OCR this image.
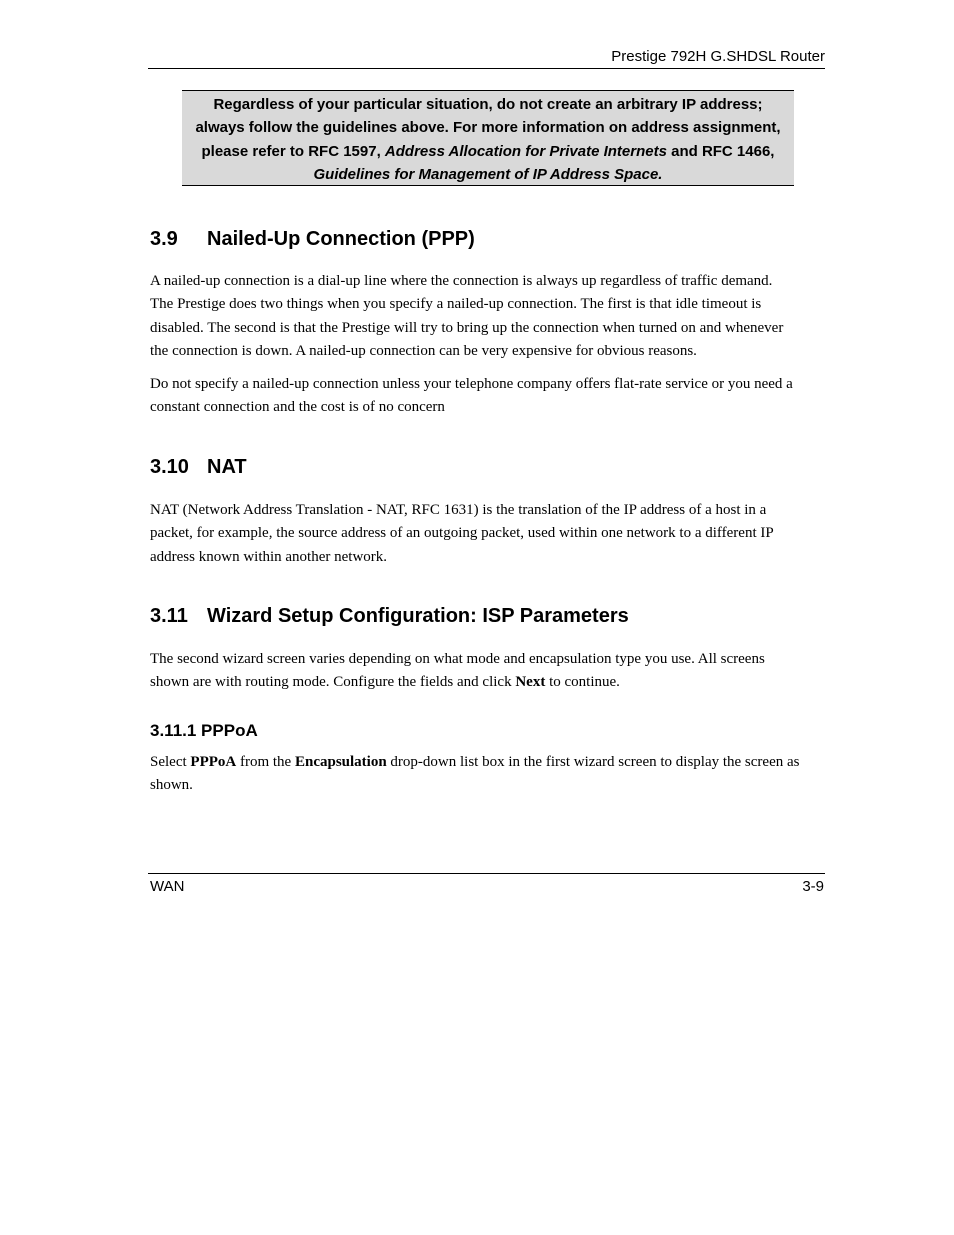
Prestige 792H G.SHDSL Router
Regardless of your particular situation, do not create an arbitrary IP address;
always follow the guidelines above. For more information on address assignment,
please refer to RFC 1597, Address Allocation for Private Internets and RFC 1466,
Guidelines for Management of IP Address Space.
3.9 Nailed-Up Connection (PPP)
A nailed-up connection is a dial-up line where the connection is always up regardless of traffic demand.
The Prestige does two things when you specify a nailed-up connection. The first is that idle timeout is
disabled. The second is that the Prestige will try to bring up the connection when turned on and whenever
the connection is down. A nailed-up connection can be very expensive for obvious reasons.
Do not specify a nailed-up connection unless your telephone company offers flat-rate service or you need a
constant connection and the cost is of no concern
3.10 NAT
NAT (Network Address Translation - NAT, RFC 1631) is the translation of the IP address of a host in a
packet, for example, the source address of an outgoing packet, used within one network to a different IP
address known within another network.
3.11 Wizard Setup Configuration: ISP Parameters
The second wizard screen varies depending on what mode and encapsulation type you use. All screens
shown are with routing mode. Configure the fields and click Next to continue.
3.11.1 PPPoA
Select PPPoA from the Encapsulation drop-down list box in the first wizard screen to display the screen as
shown.
WAN	3-9
